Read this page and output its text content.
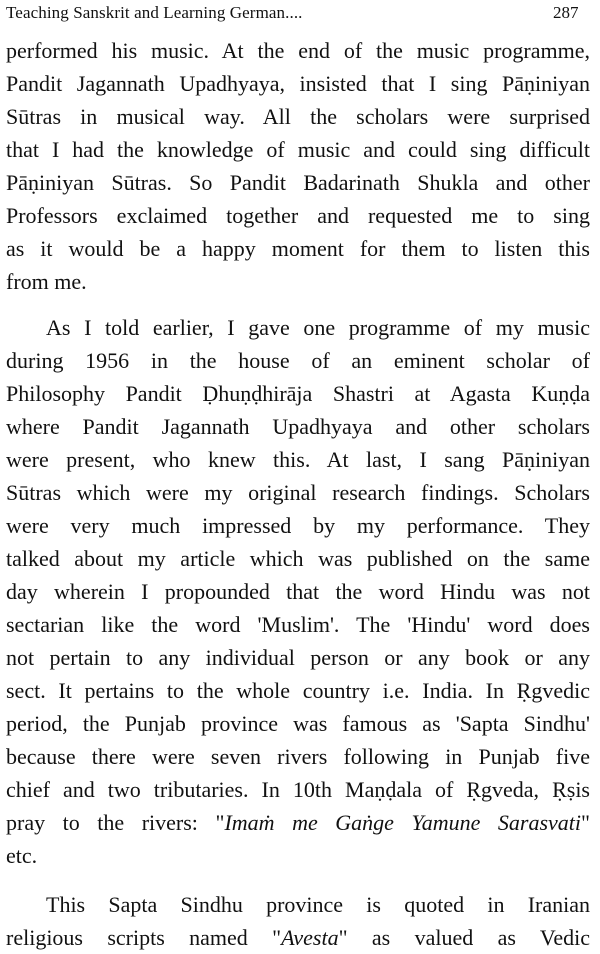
Teaching Sanskrit and Learning German....	287
performed his music. At the end of the music programme,
Pandit Jagannath Upadhyaya, insisted that I sing Pāṇiniyan
Sūtras in musical way. All the scholars were surprised
that I had the knowledge of music and could sing difficult
Pāṇiniyan Sūtras. So Pandit Badarinath Shukla and other
Professors exclaimed together and requested me to sing
as it would be a happy moment for them to listen this
from me.
As I told earlier, I gave one programme of my music
during 1956 in the house of an eminent scholar of
Philosophy Pandit Ḍhuṇḍhirāja Shastri at Agasta Kuṇḍa
where Pandit Jagannath Upadhyaya and other scholars
were present, who knew this. At last, I sang Pāṇiniyan
Sūtras which were my original research findings. Scholars
were very much impressed by my performance. They
talked about my article which was published on the same
day wherein I propounded that the word Hindu was not
sectarian like the word 'Muslim'. The 'Hindu' word does
not pertain to any individual person or any book or any
sect. It pertains to the whole country i.e. India. In Ṛgvedic
period, the Punjab province was famous as 'Sapta Sindhu'
because there were seven rivers following in Punjab five
chief and two tributaries. In 10th Maṇḍala of Ṛgveda, Ṛṣis
pray to the rivers: "Imaṁ me Gaṅge Yamune Sarasvati"
etc.
This Sapta Sindhu province is quoted in Iranian
religious scripts named "Avesta" as valued as Vedic
